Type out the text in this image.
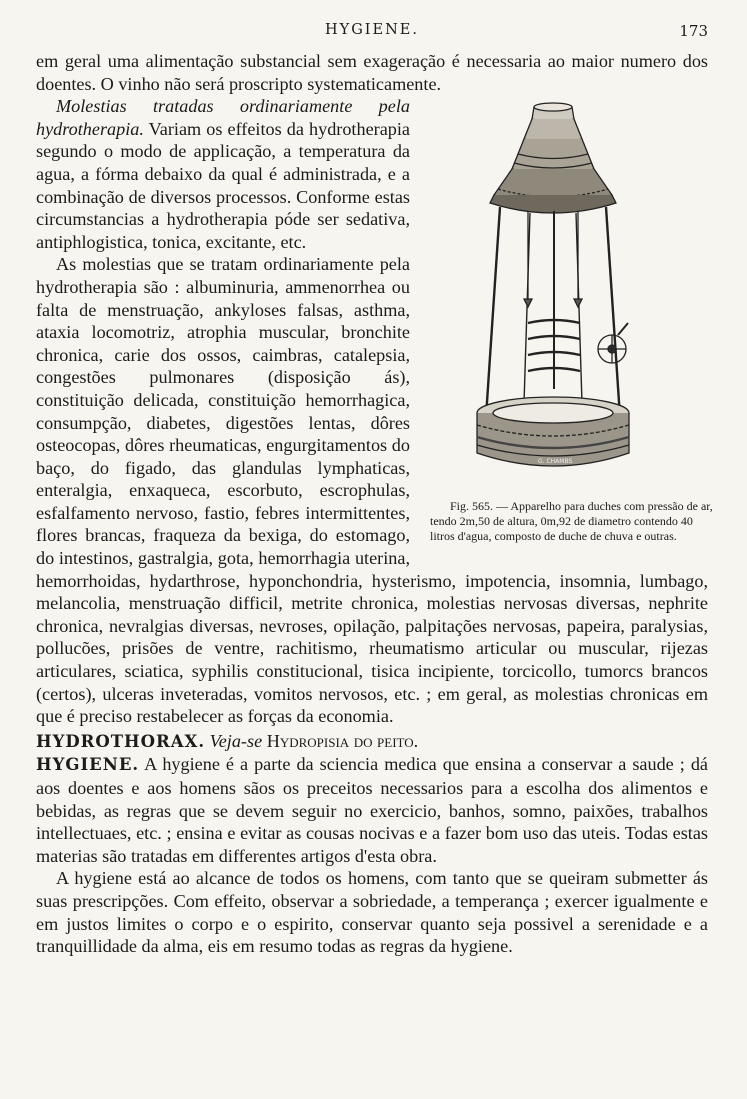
HYGIENE.	173

em geral uma alimentação substancial sem exageração é necessaria ao maior numero dos doentes. O vinho não será proscripto systematicamente.

G. CHAMBS
Fig. 565. — Apparelho para duches com pressão de ar, tendo 2m,50 de altura, 0m,92 de diametro contendo 40 litros d'agua, composto de duche de chuva e outras.
Molestias tratadas ordinariamente pela hydrotherapia. Variam os effeitos da hydrotherapia segundo o modo de applicação, a temperatura da agua, a fórma debaixo da qual é administrada, e a combinação de diversos processos. Conforme estas circumstancias a hydrotherapia póde ser sedativa, antiphlogistica, tonica, excitante, etc.

As molestias que se tratam ordinariamente pela hydrotherapia são : albuminuria, ammenorrhea ou falta de menstruação, ankyloses falsas, asthma, ataxia locomotriz, atrophia muscular, bronchite chronica, carie dos ossos, caimbras, catalepsia, congestões pulmonares (disposição ás), constituição delicada, constituição hemorrhagica, consumpção, diabetes, digestões lentas, dôres osteocopas, dôres rheumaticas, engurgitamentos do baço, do figado, das glandulas lymphaticas, enteralgia, enxaqueca, escorbuto, escrophulas, esfalfamento nervoso, fastio, febres intermittentes, flores brancas, fraqueza da bexiga, do estomago, do intestinos, gastralgia, gota, hemorrhagia uterina, hemorrhoidas, hydarthrose, hyponchondria, hysterismo, impotencia, insomnia, lumbago, melancolia, menstruação difficil, metrite chronica, molestias nervosas diversas, nephrite chronica, nevralgias diversas, nevroses, opilação, palpitações nervosas, papeira, paralysias, pollucões, prisões de ventre, rachitismo, rheumatismo articular ou muscular, rijezas articulares, sciatica, syphilis constitucional, tisica incipiente, torcicollo, tumorcs brancos (certos), ulceras inveteradas, vomitos nervosos, etc. ; em geral, as molestias chronicas em que é preciso restabelecer as forças da economia.

HYDROTHORAX. Veja-se Hydropisia do peito.

HYGIENE. A hygiene é a parte da sciencia medica que ensina a conservar a saude ; dá aos doentes e aos homens sãos os preceitos necessarios para a escolha dos alimentos e bebidas, as regras que se devem seguir no exercicio, banhos, somno, paixões, trabalhos intellectuaes, etc. ; ensina e evitar as cousas nocivas e a fazer bom uso das uteis. Todas estas materias são tratadas em differentes artigos d'esta obra.

A hygiene está ao alcance de todos os homens, com tanto que se queiram submetter ás suas prescripções. Com effeito, observar a sobriedade, a temperança ; exercer igualmente e em justos limites o corpo e o espirito, conservar quanto seja possivel a serenidade e a tranquillidade da alma, eis em resumo todas as regras da hygiene.
